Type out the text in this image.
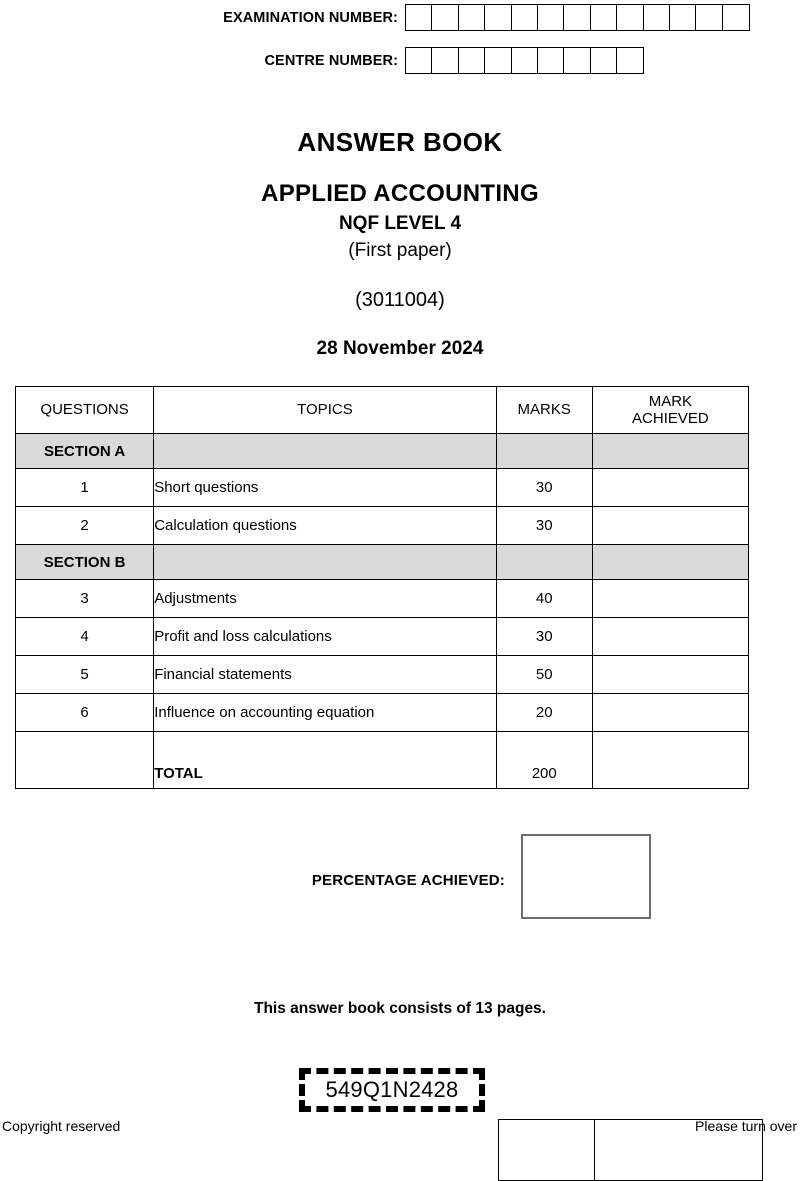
EXAMINATION NUMBER:
CENTRE NUMBER:
ANSWER BOOK
APPLIED ACCOUNTING
NQF LEVEL 4
(First paper)
(3011004)
28 November 2024
QUESTIONS	TOPICS	MARKS	MARK
ACHIEVED
SECTION A			
1	Short questions	30	
2	Calculation questions	30	
SECTION B			
3	Adjustments	40	
4	Profit and loss calculations	30	
5	Financial statements	50	
6	Influence on accounting equation	20	
	TOTAL	200	
PERCENTAGE ACHIEVED:
This answer book consists of 13 pages.
549Q1N2428
Copyright reserved	Please turn over
